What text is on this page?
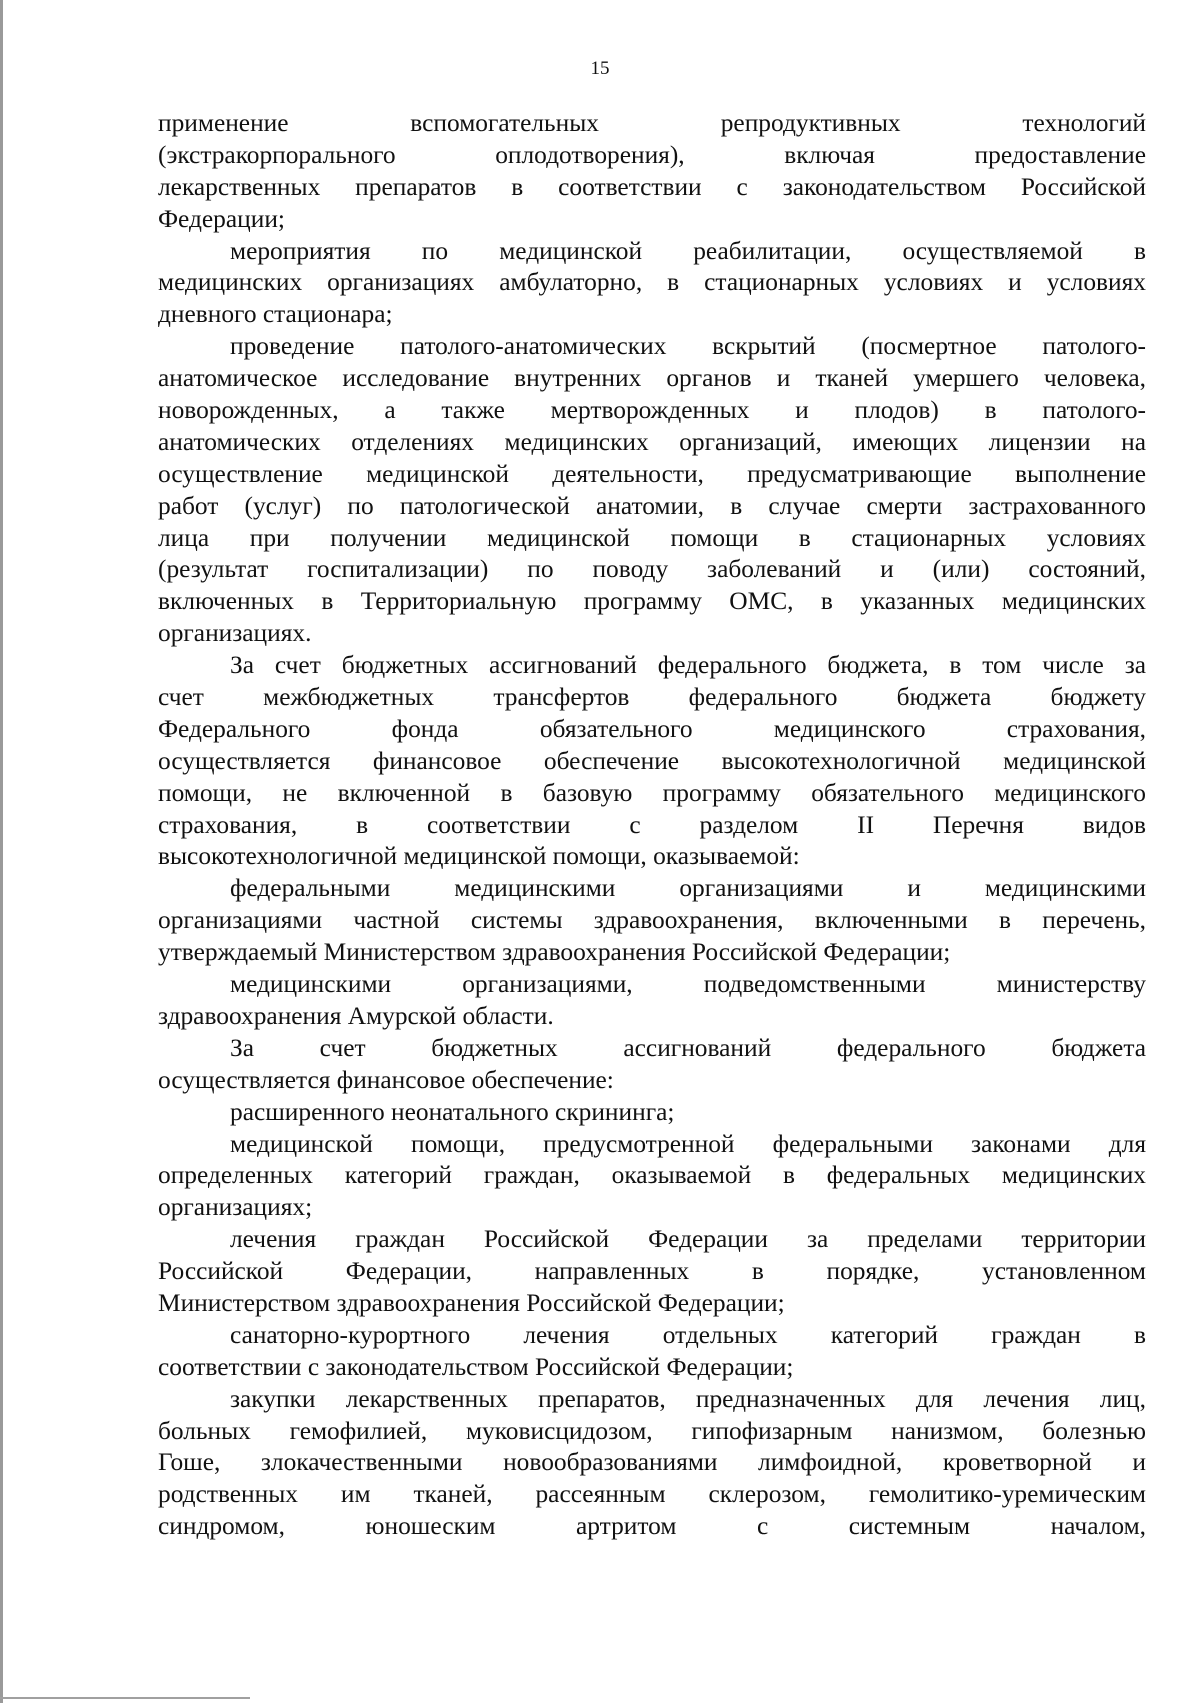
15
применение вспомогательных репродуктивных технологий
(экстракорпорального оплодотворения), включая предоставление
лекарственных препаратов в соответствии с законодательством Российской
Федерации;
мероприятия по медицинской реабилитации, осуществляемой в
медицинских организациях амбулаторно, в стационарных условиях и условиях
дневного стационара;
проведение патолого-анатомических вскрытий (посмертное патолого-
анатомическое исследование внутренних органов и тканей умершего человека,
новорожденных, а также мертворожденных и плодов) в патолого-
анатомических отделениях медицинских организаций, имеющих лицензии на
осуществление медицинской деятельности, предусматривающие выполнение
работ (услуг) по патологической анатомии, в случае смерти застрахованного
лица при получении медицинской помощи в стационарных условиях
(результат госпитализации) по поводу заболеваний и (или) состояний,
включенных в Территориальную программу ОМС, в указанных медицинских
организациях.
За счет бюджетных ассигнований федерального бюджета, в том числе за
счет межбюджетных трансфертов федерального бюджета бюджету
Федерального фонда обязательного медицинского страхования,
осуществляется финансовое обеспечение высокотехнологичной медицинской
помощи, не включенной в базовую программу обязательного медицинского
страхования, в соответствии с разделом II Перечня видов
высокотехнологичной медицинской помощи, оказываемой:
федеральными медицинскими организациями и медицинскими
организациями частной системы здравоохранения, включенными в перечень,
утверждаемый Министерством здравоохранения Российской Федерации;
медицинскими организациями, подведомственными министерству
здравоохранения Амурской области.
За счет бюджетных ассигнований федерального бюджета
осуществляется финансовое обеспечение:
расширенного неонатального скрининга;
медицинской помощи, предусмотренной федеральными законами для
определенных категорий граждан, оказываемой в федеральных медицинских
организациях;
лечения граждан Российской Федерации за пределами территории
Российской Федерации, направленных в порядке, установленном
Министерством здравоохранения Российской Федерации;
санаторно-курортного лечения отдельных категорий граждан в
соответствии с законодательством Российской Федерации;
закупки лекарственных препаратов, предназначенных для лечения лиц,
больных гемофилией, муковисцидозом, гипофизарным нанизмом, болезнью
Гоше, злокачественными новообразованиями лимфоидной, кроветворной и
родственных им тканей, рассеянным склерозом, гемолитико-уремическим
синдромом, юношеским артритом с системным началом,
